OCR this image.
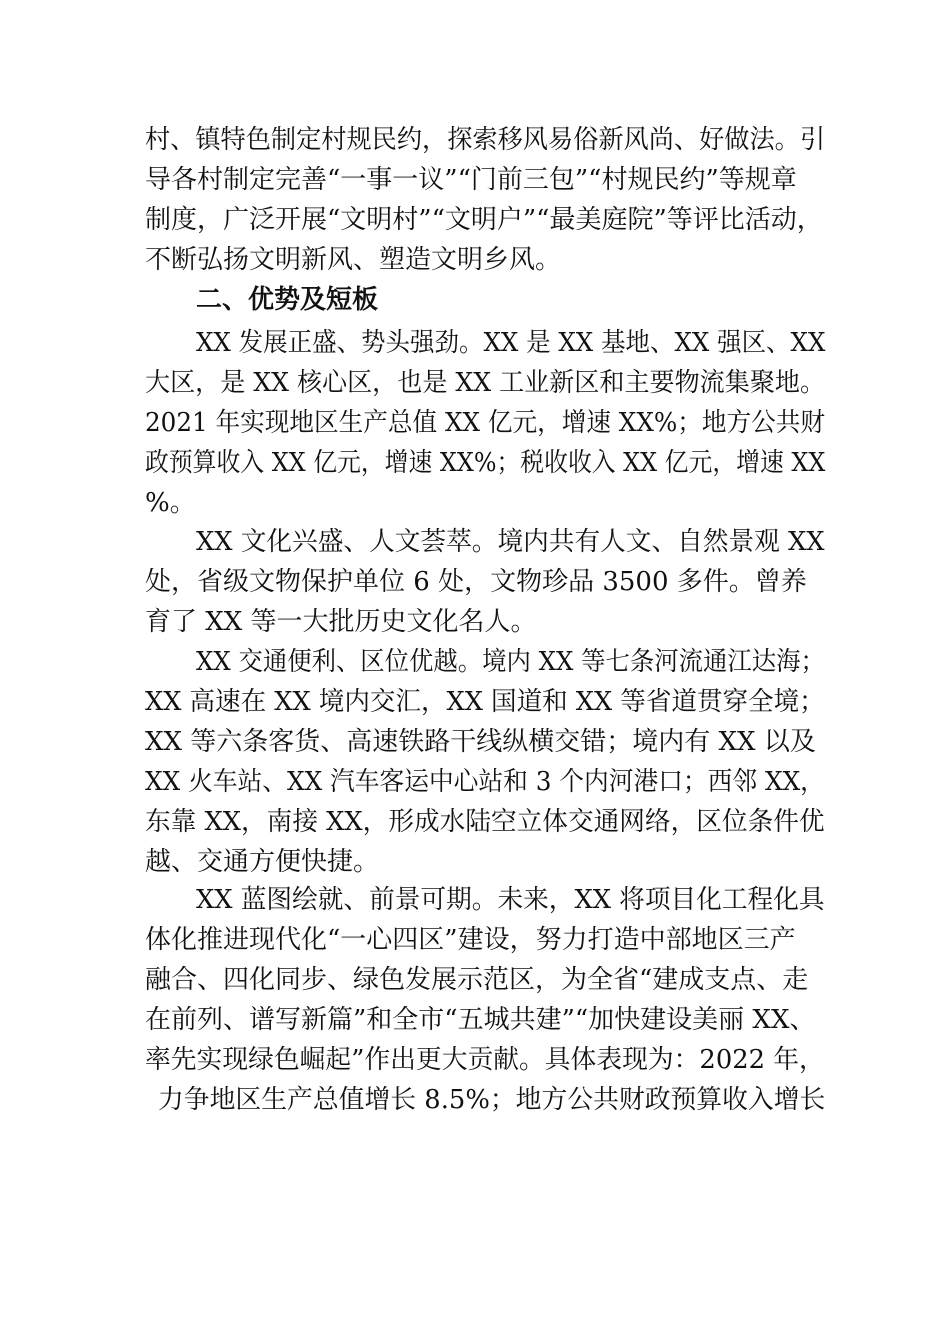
村、镇特色制定村规民约，探索移风易俗新风尚、好做法。引
导各村制定完善“一事一议”“门前三包”“村规民约”等规章
制度，广泛开展“文明村”“文明户”“最美庭院”等评比活动，
不断弘扬文明新风、塑造文明乡风。
二、优势及短板
XX 发展正盛、势头强劲。XX 是 XX 基地、XX 强区、XX
大区，是 XX 核心区，也是 XX 工业新区和主要物流集聚地。
2021 年实现地区生产总值 XX 亿元，增速 XX%；地方公共财
政预算收入 XX 亿元，增速 XX%；税收收入 XX 亿元，增速 XX
%。
XX 文化兴盛、人文荟萃。境内共有人文、自然景观 XX
处，省级文物保护单位 6 处，文物珍品 3500 多件。曾养
育了 XX 等一大批历史文化名人。
XX 交通便利、区位优越。境内 XX 等七条河流通江达海；
XX 高速在 XX 境内交汇，XX 国道和 XX 等省道贯穿全境；
XX 等六条客货、高速铁路干线纵横交错；境内有 XX 以及
XX 火车站、XX 汽车客运中心站和 3 个内河港口；西邻 XX，
东靠 XX，南接 XX，形成水陆空立体交通网络，区位条件优
越、交通方便快捷。
XX 蓝图绘就、前景可期。未来，XX 将项目化工程化具
体化推进现代化“一心四区”建设，努力打造中部地区三产
融合、四化同步、绿色发展示范区，为全省“建成支点、走
在前列、谱写新篇”和全市“五城共建”“加快建设美丽 XX、
率先实现绿色崛起”作出更大贡献。具体表现为：2022 年，
力争地区生产总值增长 8.5%；地方公共财政预算收入增长
